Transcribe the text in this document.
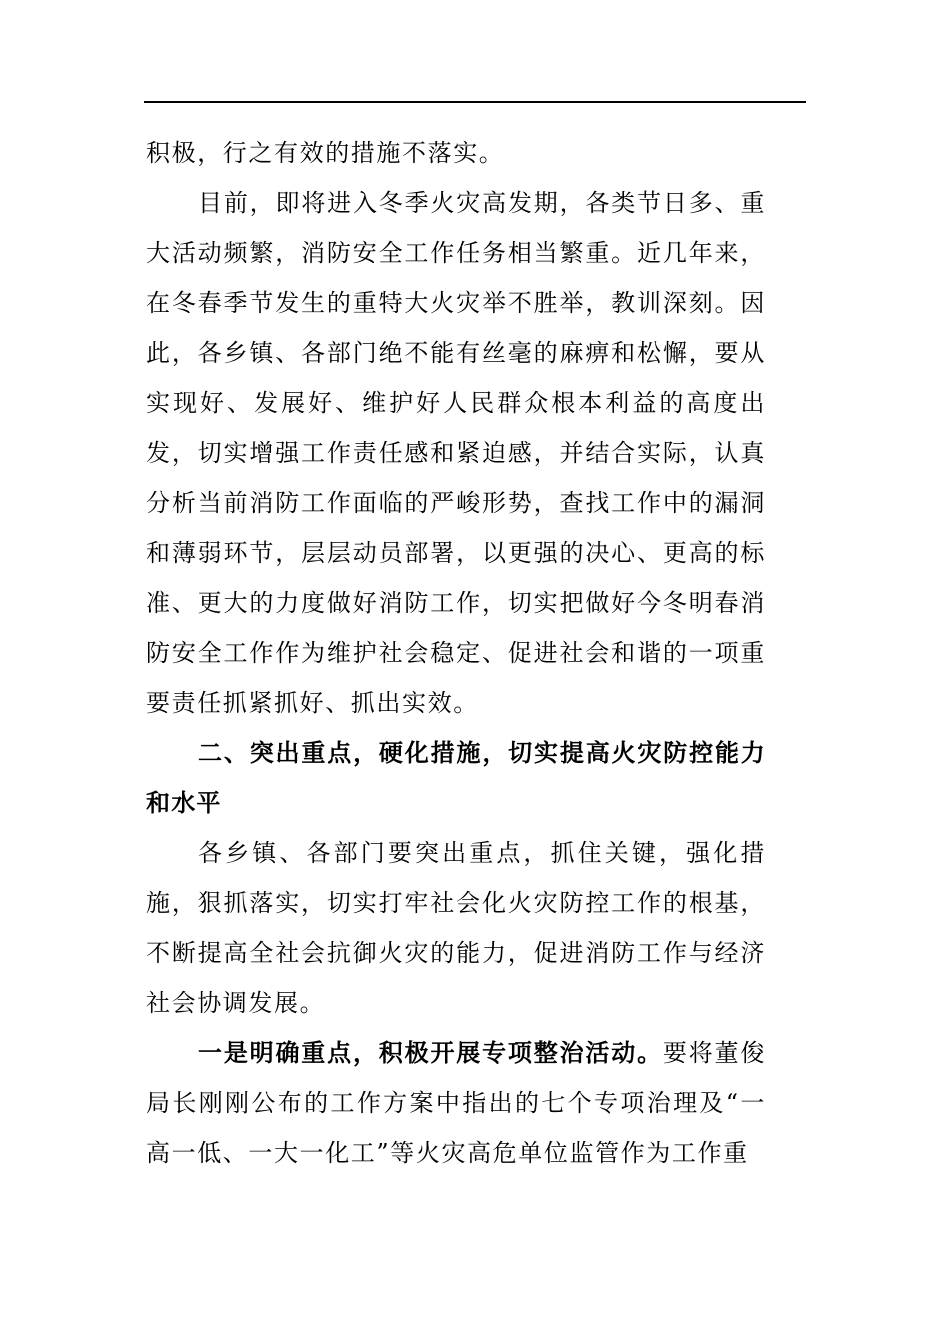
积极，行之有效的措施不落实。

目前，即将进入冬季火灾高发期，各类节日多、重大活动频繁，消防安全工作任务相当繁重。近几年来，在冬春季节发生的重特大火灾举不胜举，教训深刻。因此，各乡镇、各部门绝不能有丝毫的麻痹和松懈，要从实现好、发展好、维护好人民群众根本利益的高度出发，切实增强工作责任感和紧迫感，并结合实际，认真分析当前消防工作面临的严峻形势，查找工作中的漏洞和薄弱环节，层层动员部署，以更强的决心、更高的标准、更大的力度做好消防工作，切实把做好今冬明春消防安全工作作为维护社会稳定、促进社会和谐的一项重要责任抓紧抓好、抓出实效。

二、突出重点，硬化措施，切实提高火灾防控能力和水平

各乡镇、各部门要突出重点，抓住关键，强化措施，狠抓落实，切实打牢社会化火灾防控工作的根基，不断提高全社会抗御火灾的能力，促进消防工作与经济社会协调发展。

一是明确重点，积极开展专项整治活动。要将董俊局长刚刚公布的工作方案中指出的七个专项治理及“一高一低、一大一化工”等火灾高危单位监管作为工作重
